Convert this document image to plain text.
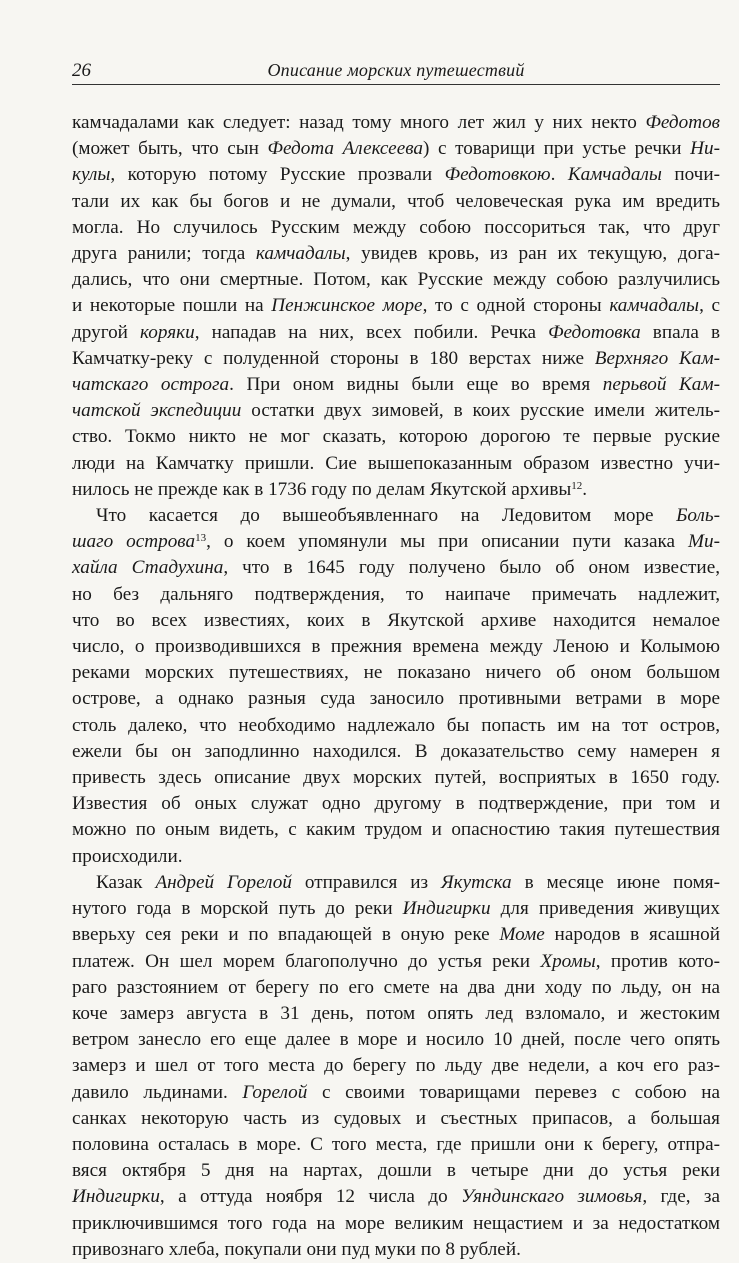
26	Описание морских путешествий

камчадалами как следует: назад тому много лет жил у них некто Федотов
(может быть, что сын Федота Алексеева) с товарищи при устье речки Ни-
кулы, которую потому Русские прозвали Федотовкою. Камчадалы почи-
тали их как бы богов и не думали, чтоб человеческая рука им вредить
могла. Но случилось Русским между собою поссориться так, что друг
друга ранили; тогда камчадалы, увидев кровь, из ран их текущую, дога-
дались, что они смертные. Потом, как Русские между собою разлучились
и некоторые пошли на Пенжинское море, то с одной стороны камчадалы, с
другой коряки, нападав на них, всех побили. Речка Федотовка впала в
Камчатку-реку с полуденной стороны в 180 верстах ниже Верхняго Кам-
чатскаго острога. При оном видны были еще во время перьвой Кам-
чатской экспедиции остатки двух зимовей, в коих русские имели житель-
ство. Токмо никто не мог сказать, которою дорогою те первые руские
люди на Камчатку пришли. Сие вышепоказанным образом известно учи-
нилось не прежде как в 1736 году по делам Якутской архивы$^{12}$.

Что касается до вышеобъявленнаго на Ледовитом море Боль-
шаго острова$^{13}$, о коем упомянули мы при описании пути казака Ми-
хайла Стадухина, что в 1645 году получено было об оном известие,
но без дальняго подтверждения, то наипаче примечать надлежит,
что во всех известиях, коих в Якутской архиве находится немалое
число, о производившихся в прежния времена между Леною и Колымою
реками морских путешествиях, не показано ничего об оном большом
острове, а однако разныя суда заносило противными ветрами в море
столь далеко, что необходимо надлежало бы попасть им на тот остров,
ежели бы он заподлинно находился. В доказательство сему намерен я
привесть здесь описание двух морских путей, восприятых в 1650 году.
Известия об оных служат одно другому в подтверждение, при том и
можно по оным видеть, с каким трудом и опасностию такия путешествия
происходили.

Казак Андрей Горелой отправился из Якутска в месяце июне помя-
нутого года в морской путь до реки Индигирки для приведения живущих
вверьху сея реки и по впадающей в оную реке Моме народов в ясашной
платеж. Он шел морем благополучно до устья реки Хромы, против кото-
раго разстоянием от берегу по его смете на два дни ходу по льду, он на
коче замерз августа в 31 день, потом опять лед взломало, и жестоким
ветром занесло его еще далее в море и носило 10 дней, после чего опять
замерз и шел от того места до берегу по льду две недели, а коч его раз-
давило льдинами. Горелой с своими товарищами перевез с собою на
санках некоторую часть из судовых и съестных припасов, а большая
половина осталась в море. С того места, где пришли они к берегу, отпра-
вяся октября 5 дня на нартах, дошли в четыре дни до устья реки
Индигирки, а оттуда ноября 12 числа до Уяндинскаго зимовья, где, за
приключившимся того года на море великим нещастием и за недостатком
привознаго хлеба, покупали они пуд муки по 8 рублей.
